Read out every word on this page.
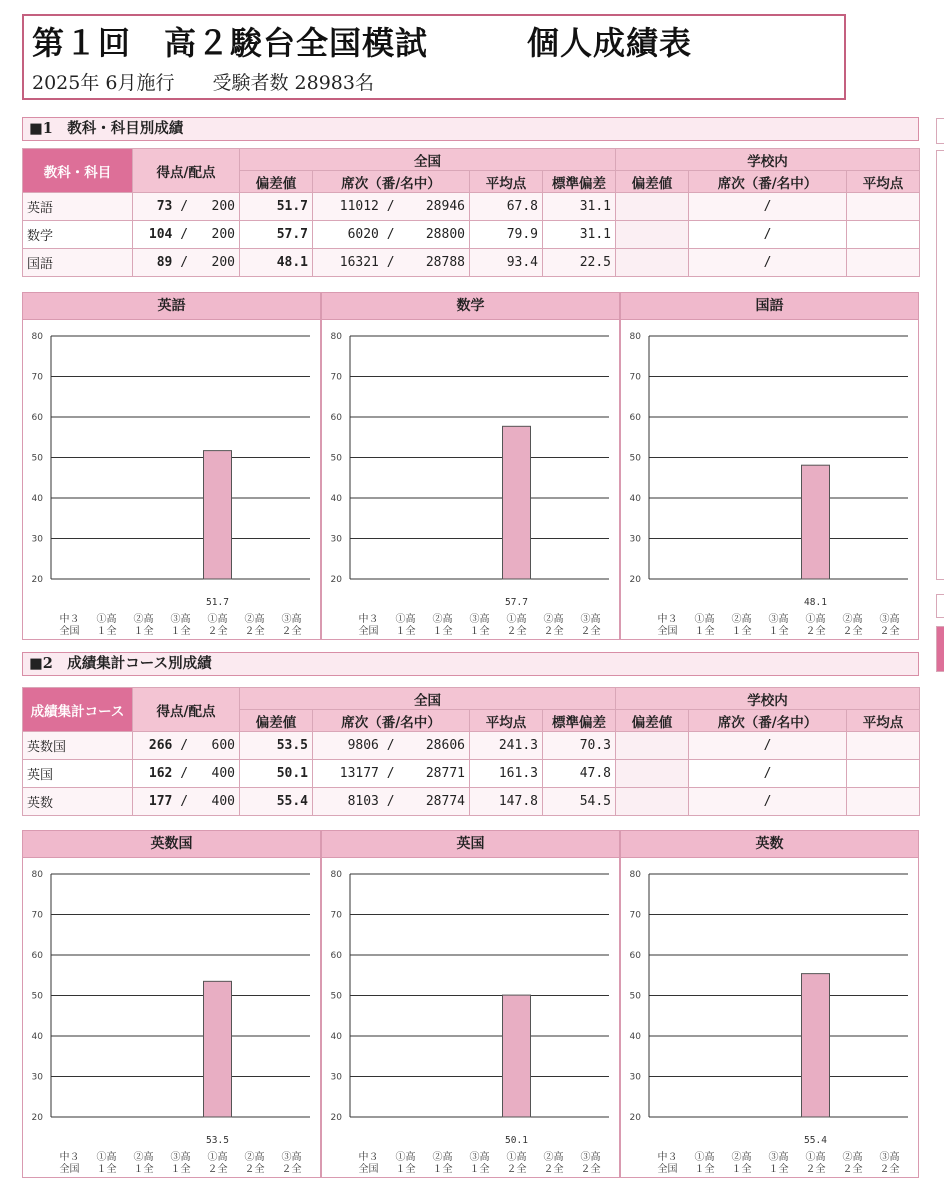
第１回　高２駿台全国模試　　　個人成績表
2025年 6月施行　　受験者数 28983名
■1　教科・科目別成績
教科・科目	得点/配点	全国				学校内		
		偏差値	席次（番/名中）	平均点	標準偏差	偏差値	席次（番/名中）	平均点
英語	73 /   200	51.7	11012 /    28946	67.8	31.1		/	
数学	104 /   200	57.7	6020 /    28800	79.9	31.1		/	
国語	89 /   200	48.1	16321 /    28788	93.4	22.5		/	
英語
20
30
40
50
60
70
80
中３
全国
①高
１全
②高
１全
③高
１全
51.7
①高
２全
②高
２全
③高
２全
数学
20
30
40
50
60
70
80
中３
全国
①高
１全
②高
１全
③高
１全
57.7
①高
２全
②高
２全
③高
２全
国語
20
30
40
50
60
70
80
中３
全国
①高
１全
②高
１全
③高
１全
48.1
①高
２全
②高
２全
③高
２全
■2　成績集計コース別成績
成績集計コース	得点/配点	全国				学校内		
		偏差値	席次（番/名中）	平均点	標準偏差	偏差値	席次（番/名中）	平均点
英数国	266 /   600	53.5	9806 /    28606	241.3	70.3		/	
英国	162 /   400	50.1	13177 /    28771	161.3	47.8		/	
英数	177 /   400	55.4	8103 /    28774	147.8	54.5		/	
英数国
20
30
40
50
60
70
80
中３
全国
①高
１全
②高
１全
③高
１全
53.5
①高
２全
②高
２全
③高
２全
英国
20
30
40
50
60
70
80
中３
全国
①高
１全
②高
１全
③高
１全
50.1
①高
２全
②高
２全
③高
２全
英数
20
30
40
50
60
70
80
中３
全国
①高
１全
②高
１全
③高
１全
55.4
①高
２全
②高
２全
③高
２全
